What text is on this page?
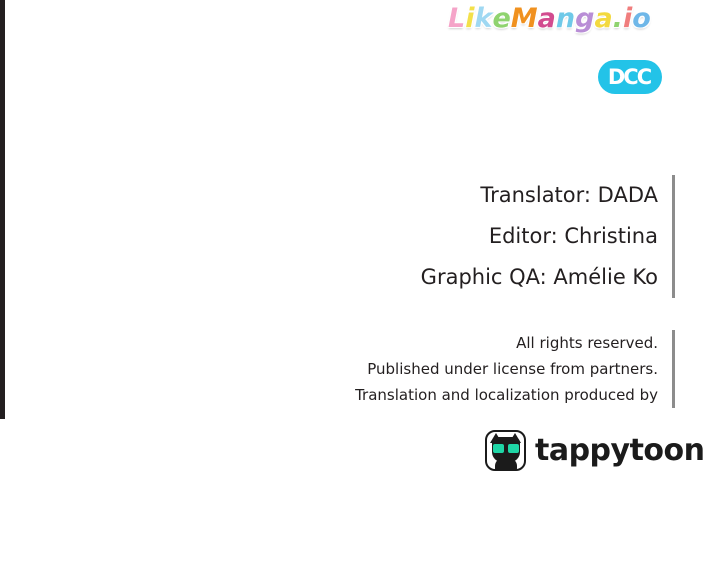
LikeManga.io
DCC
Translator: DADA
Editor: Christina
Graphic QA: Amélie Ko
All rights reserved.
Published under license from partners.
Translation and localization produced by
tappytoon
